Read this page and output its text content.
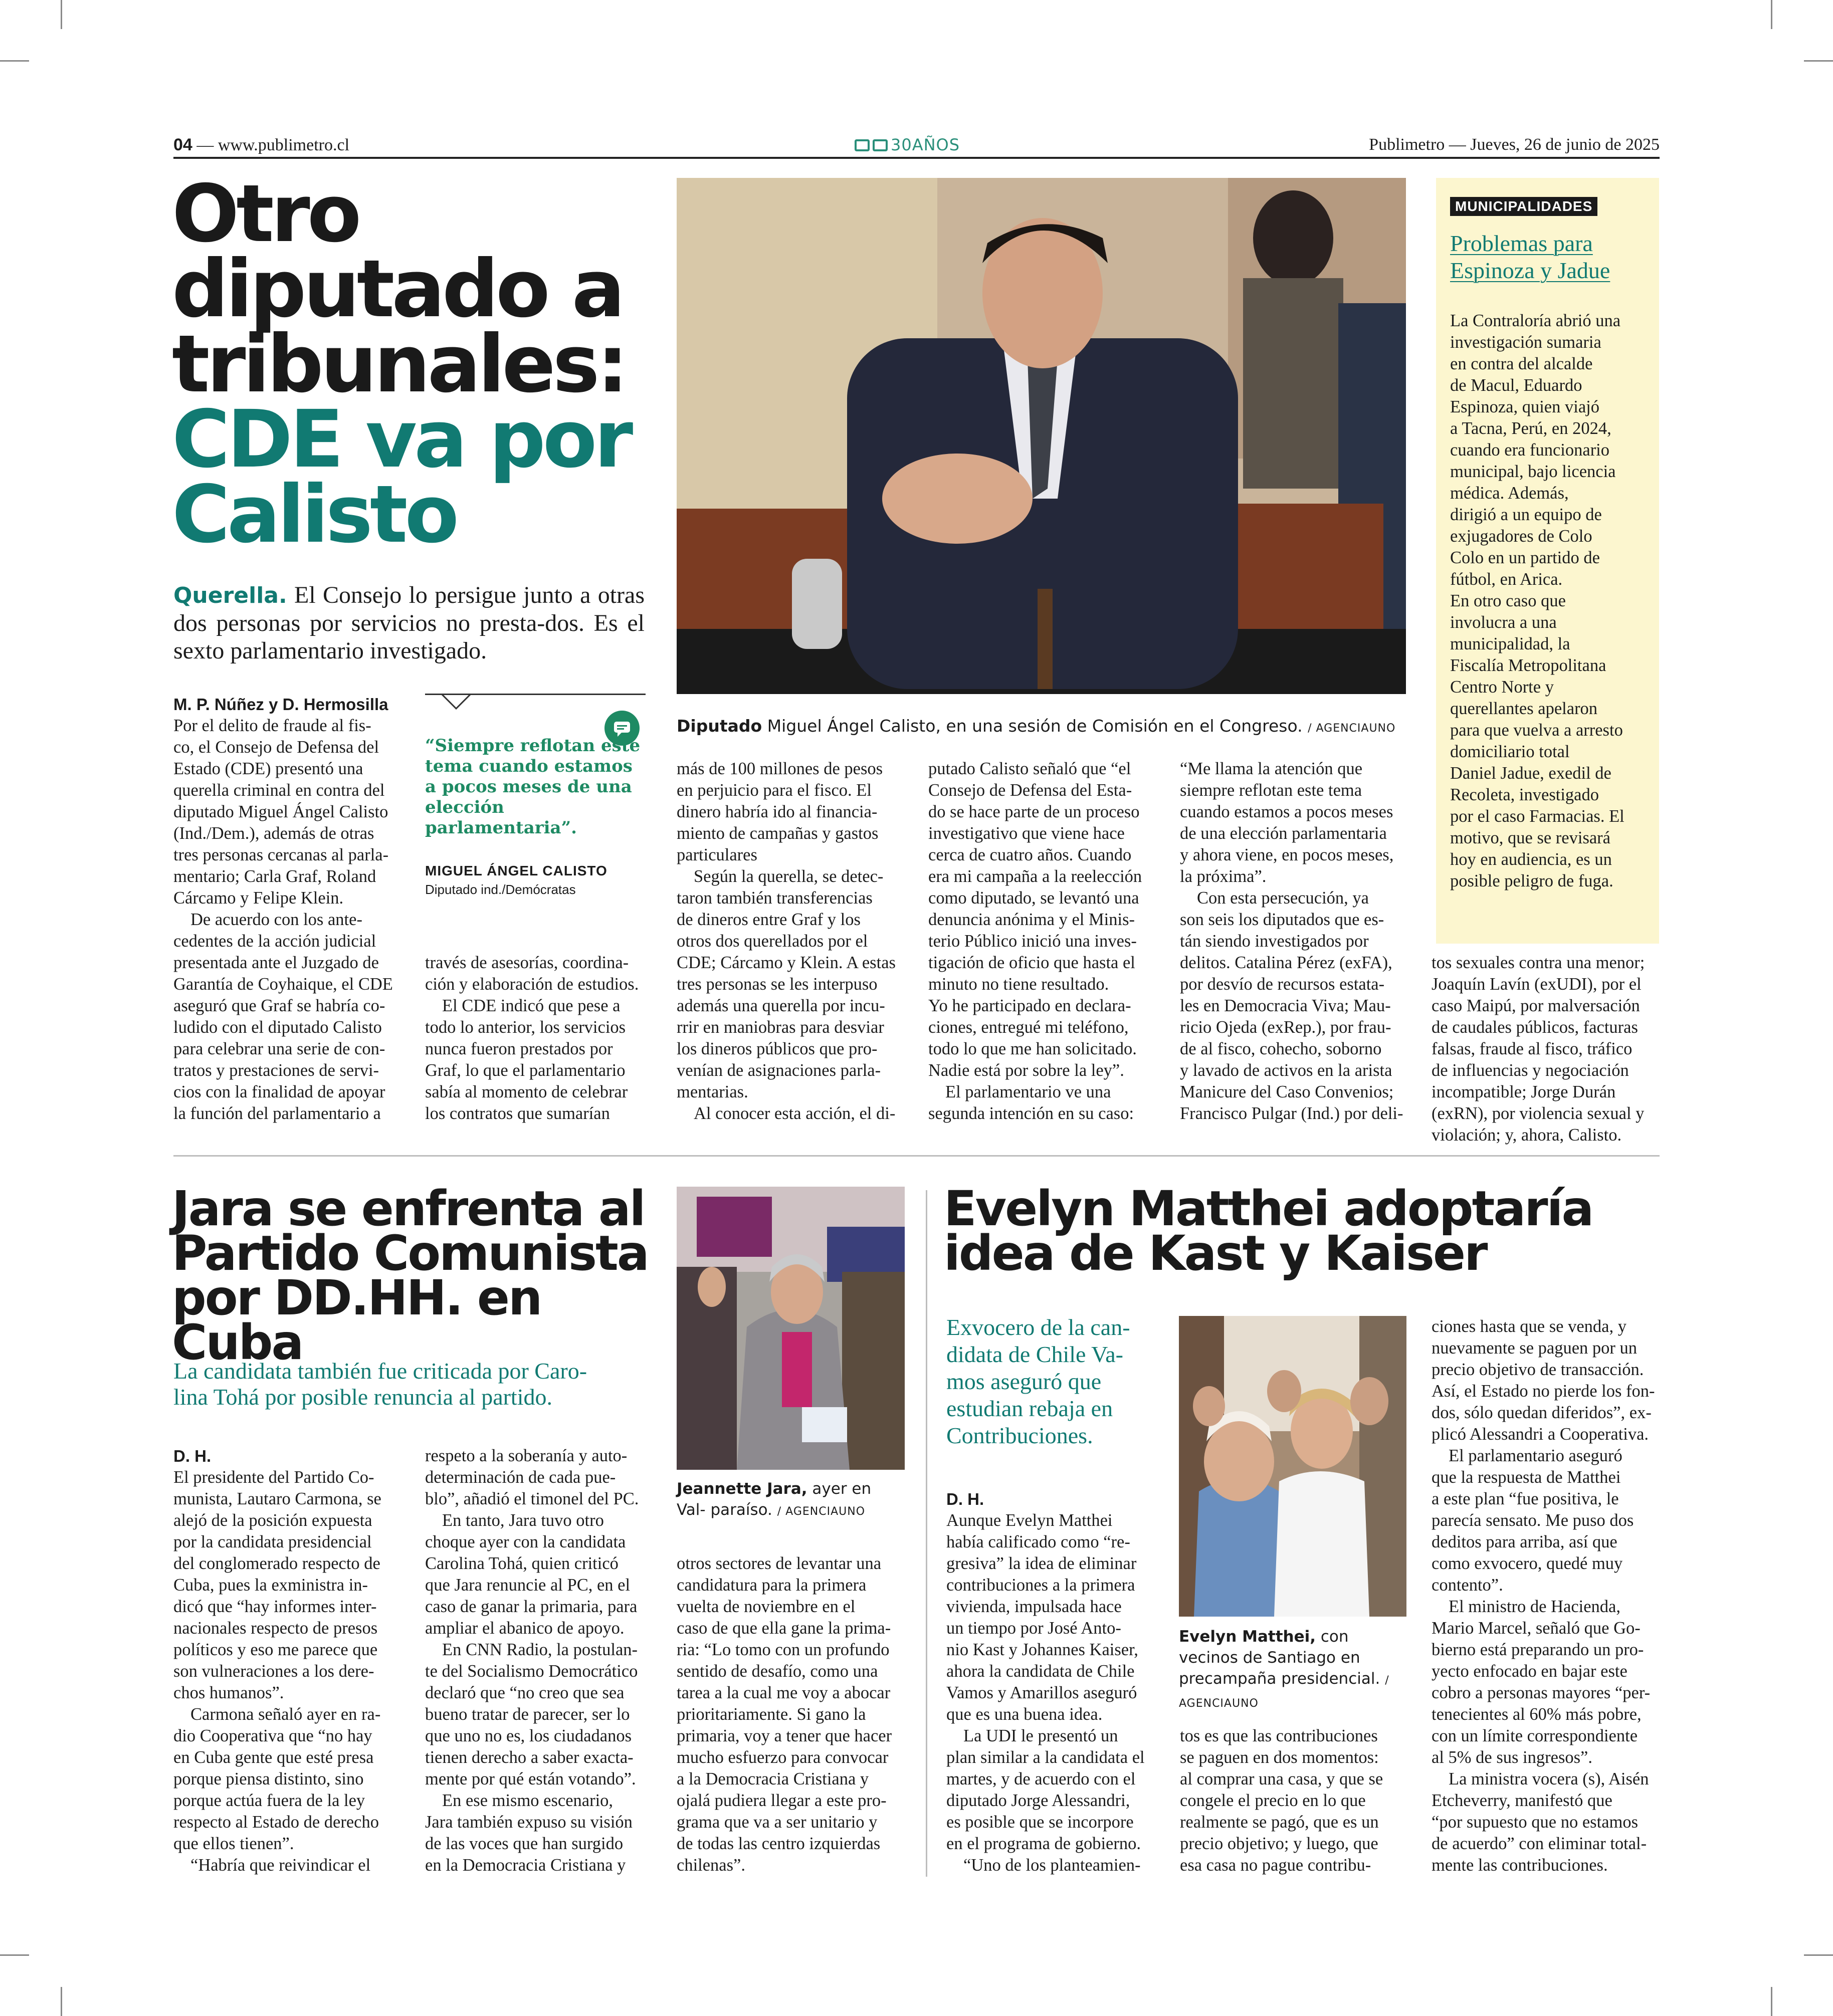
04 — www.publimetro.cl	30AÑOS	Publimetro — Jueves, 26 de junio de 2025
Otro
diputado a
tribunales:
CDE va por
Calisto
Querella. El Consejo lo persigue junto a otras dos personas por servicios no presta-dos. Es el sexto parlamentario investigado.
Diputado Miguel Ángel Calisto, en una sesión de Comisión en el Congreso. / AGENCIAUNO
MUNICIPALIDADES
Problemas para
Espinoza y Jadue
La Contraloría abrió una
investigación sumaria
en contra del alcalde
de Macul, Eduardo
Espinoza, quien viajó
a Tacna, Perú, en 2024,
cuando era funcionario
municipal, bajo licencia
médica. Además,
dirigió a un equipo de
exjugadores de Colo
Colo en un partido de
fútbol, en Arica.
En otro caso que
involucra a una
municipalidad, la
Fiscalía Metropolitana
Centro Norte y
querellantes apelaron
para que vuelva a arresto
domiciliario total
Daniel Jadue, exedil de
Recoleta, investigado
por el caso Farmacias. El
motivo, que se revisará
hoy en audiencia, es un
posible peligro de fuga.
M. P. Núñez y D. Hermosilla
Por el delito de fraude al fis-
co, el Consejo de Defensa del
Estado (CDE) presentó una
querella criminal en contra del
diputado Miguel Ángel Calisto
(Ind./Dem.), además de otras
tres personas cercanas al parla-
mentario; Carla Graf, Roland
Cárcamo y Felipe Klein.
De acuerdo con los ante-
cedentes de la acción judicial
presentada ante el Juzgado de
Garantía de Coyhaique, el CDE
aseguró que Graf se habría co-
ludido con el diputado Calisto
para celebrar una serie de con-
tratos y prestaciones de servi-
cios con la finalidad de apoyar
la función del parlamentario a
“Siempre reflotan este tema cuando estamos a pocos meses de una elección parlamentaria”.
MIGUEL ÁNGEL CALISTO
Diputado ind./Demócratas
través de asesorías, coordina-
ción y elaboración de estudios.
El CDE indicó que pese a
todo lo anterior, los servicios
nunca fueron prestados por
Graf, lo que el parlamentario
sabía al momento de celebrar
los contratos que sumarían
más de 100 millones de pesos
en perjuicio para el fisco. El
dinero habría ido al financia-
miento de campañas y gastos
particulares
Según la querella, se detec-
taron también transferencias
de dineros entre Graf y los
otros dos querellados por el
CDE; Cárcamo y Klein. A estas
tres personas se les interpuso
además una querella por incu-
rrir en maniobras para desviar
los dineros públicos que pro-
venían de asignaciones parla-
mentarias.
Al conocer esta acción, el di-
putado Calisto señaló que “el
Consejo de Defensa del Esta-
do se hace parte de un proceso
investigativo que viene hace
cerca de cuatro años. Cuando
era mi campaña a la reelección
como diputado, se levantó una
denuncia anónima y el Minis-
terio Público inició una inves-
tigación de oficio que hasta el
minuto no tiene resultado.
Yo he participado en declara-
ciones, entregué mi teléfono,
todo lo que me han solicitado.
Nadie está por sobre la ley”.
El parlamentario ve una
segunda intención en su caso:
“Me llama la atención que
siempre reflotan este tema
cuando estamos a pocos meses
de una elección parlamentaria
y ahora viene, en pocos meses,
la próxima”.
Con esta persecución, ya
son seis los diputados que es-
tán siendo investigados por
delitos. Catalina Pérez (exFA),
por desvío de recursos estata-
les en Democracia Viva; Mau-
ricio Ojeda (exRep.), por frau-
de al fisco, cohecho, soborno
y lavado de activos en la arista
Manicure del Caso Convenios;
Francisco Pulgar (Ind.) por deli-
tos sexuales contra una menor;
Joaquín Lavín (exUDI), por el
caso Maipú, por malversación
de caudales públicos, facturas
falsas, fraude al fisco, tráfico
de influencias y negociación
incompatible; Jorge Durán
(exRN), por violencia sexual y
violación; y, ahora, Calisto.
Jara se enfrenta al
Partido Comunista
por DD.HH. en Cuba
La candidata también fue criticada por Caro-
lina Tohá por posible renuncia al partido.
Jeannette Jara, ayer en Val- paraíso. / AGENCIAUNO
D. H.
El presidente del Partido Co-
munista, Lautaro Carmona, se
alejó de la posición expuesta
por la candidata presidencial
del conglomerado respecto de
Cuba, pues la exministra in-
dicó que “hay informes inter-
nacionales respecto de presos
políticos y eso me parece que
son vulneraciones a los dere-
chos humanos”.
Carmona señaló ayer en ra-
dio Cooperativa que “no hay
en Cuba gente que esté presa
porque piensa distinto, sino
porque actúa fuera de la ley
respecto al Estado de derecho
que ellos tienen”.
“Habría que reivindicar el
respeto a la soberanía y auto-
determinación de cada pue-
blo”, añadió el timonel del PC.
En tanto, Jara tuvo otro
choque ayer con la candidata
Carolina Tohá, quien criticó
que Jara renuncie al PC, en el
caso de ganar la primaria, para
ampliar el abanico de apoyo.
En CNN Radio, la postulan-
te del Socialismo Democrático
declaró que “no creo que sea
bueno tratar de parecer, ser lo
que uno no es, los ciudadanos
tienen derecho a saber exacta-
mente por qué están votando”.
En ese mismo escenario,
Jara también expuso su visión
de las voces que han surgido
en la Democracia Cristiana y
otros sectores de levantar una
candidatura para la primera
vuelta de noviembre en el
caso de que ella gane la prima-
ria: “Lo tomo con un profundo
sentido de desafío, como una
tarea a la cual me voy a abocar
prioritariamente. Si gano la
primaria, voy a tener que hacer
mucho esfuerzo para convocar
a la Democracia Cristiana y
ojalá pudiera llegar a este pro-
grama que va a ser unitario y
de todas las centro izquierdas
chilenas”.
Evelyn Matthei adoptaría
idea de Kast y Kaiser
Exvocero de la can-
didata de Chile Va-
mos aseguró que
estudian rebaja en
Contribuciones.
Evelyn Matthei, con vecinos de Santiago en precampaña presidencial. / AGENCIAUNO
D. H.
Aunque Evelyn Matthei
había calificado como “re-
gresiva” la idea de eliminar
contribuciones a la primera
vivienda, impulsada hace
un tiempo por José Anto-
nio Kast y Johannes Kaiser,
ahora la candidata de Chile
Vamos y Amarillos aseguró
que es una buena idea.
La UDI le presentó un
plan similar a la candidata el
martes, y de acuerdo con el
diputado Jorge Alessandri,
es posible que se incorpore
en el programa de gobierno.
“Uno de los planteamien-
tos es que las contribuciones
se paguen en dos momentos:
al comprar una casa, y que se
congele el precio en lo que
realmente se pagó, que es un
precio objetivo; y luego, que
esa casa no pague contribu-
ciones hasta que se venda, y
nuevamente se paguen por un
precio objetivo de transacción.
Así, el Estado no pierde los fon-
dos, sólo quedan diferidos”, ex-
plicó Alessandri a Cooperativa.
El parlamentario aseguró
que la respuesta de Matthei
a este plan “fue positiva, le
parecía sensato. Me puso dos
deditos para arriba, así que
como exvocero, quedé muy
contento”.
El ministro de Hacienda,
Mario Marcel, señaló que Go-
bierno está preparando un pro-
yecto enfocado en bajar este
cobro a personas mayores “per-
tenecientes al 60% más pobre,
con un límite correspondiente
al 5% de sus ingresos”.
La ministra vocera (s), Aisén
Etcheverry, manifestó que
“por supuesto que no estamos
de acuerdo” con eliminar total-
mente las contribuciones.
